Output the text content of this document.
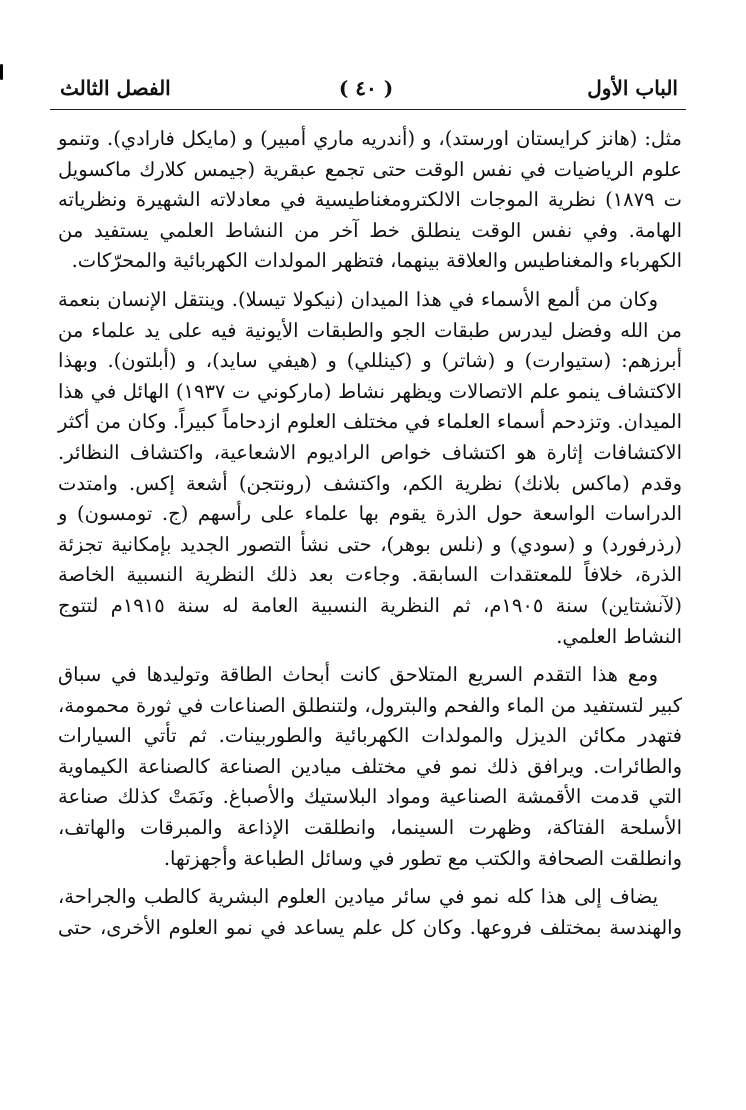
الباب الأول
( ٤٠ )
الفصل الثالث

مثل: (هانز كرايستان اورستد)، و (أندريه ماري أمبير) و (مايكل فارادي). وتنمو علوم الرياضيات في نفس الوقت حتى تجمع عبقرية (جيمس كلارك ماكسويل ت ١٨٧٩) نظرية الموجات الالكترومغناطيسية في معادلاته الشهيرة ونظرياته الهامة. وفي نفس الوقت ينطلق خط آخر من النشاط العلمي يستفيد من الكهرباء والمغناطيس والعلاقة بينهما، فتظهر المولدات الكهربائية والمحرّكات.

وكان من ألمع الأسماء في هذا الميدان (نيكولا تيسلا). وينتقل الإنسان بنعمة من الله وفضل ليدرس طبقات الجو والطبقات الأيونية فيه على يد علماء من أبرزهم: (ستيوارت) و (شاتر) و (كينللي) و (هيفي سايد)، و (أبلتون). وبهذا الاكتشاف ينمو علم الاتصالات ويظهر نشاط (ماركوني ت ١٩٣٧) الهائل في هذا الميدان. وتزدحم أسماء العلماء في مختلف العلوم ازدحاماً كبيراً. وكان من أكثر الاكتشافات إثارة هو اكتشاف خواص الراديوم الاشعاعية، واكتشاف النظائر. وقدم (ماكس بلانك) نظرية الكم، واكتشف (رونتجن) أشعة إكس. وامتدت الدراسات الواسعة حول الذرة يقوم بها علماء على رأسهم (ج. تومسون) و (رذرفورد) و (سودي) و (نلس بوهر)، حتى نشأ التصور الجديد بإمكانية تجزئة الذرة، خلافاً للمعتقدات السابقة. وجاءت بعد ذلك النظرية النسبية الخاصة (لآنشتاين) سنة ١٩٠٥م، ثم النظرية النسبية العامة له سنة ١٩١٥م لتتوج النشاط العلمي.

ومع هذا التقدم السريع المتلاحق كانت أبحاث الطاقة وتوليدها في سباق كبير لتستفيد من الماء والفحم والبترول، ولتنطلق الصناعات في ثورة محمومة، فتهدر مكائن الديزل والمولدات الكهربائية والطوربينات. ثم تأتي السيارات والطائرات. ويرافق ذلك نمو في مختلف ميادين الصناعة كالصناعة الكيماوية التي قدمت الأقمشة الصناعية ومواد البلاستيك والأصباغ. ونَمَتْ كذلك صناعة الأسلحة الفتاكة، وظهرت السينما، وانطلقت الإذاعة والمبرقات والهاتف، وانطلقت الصحافة والكتب مع تطور في وسائل الطباعة وأجهزتها.

يضاف إلى هذا كله نمو في سائر ميادين العلوم البشرية كالطب والجراحة، والهندسة بمختلف فروعها. وكان كل علم يساعد في نمو العلوم الأخرى، حتى
